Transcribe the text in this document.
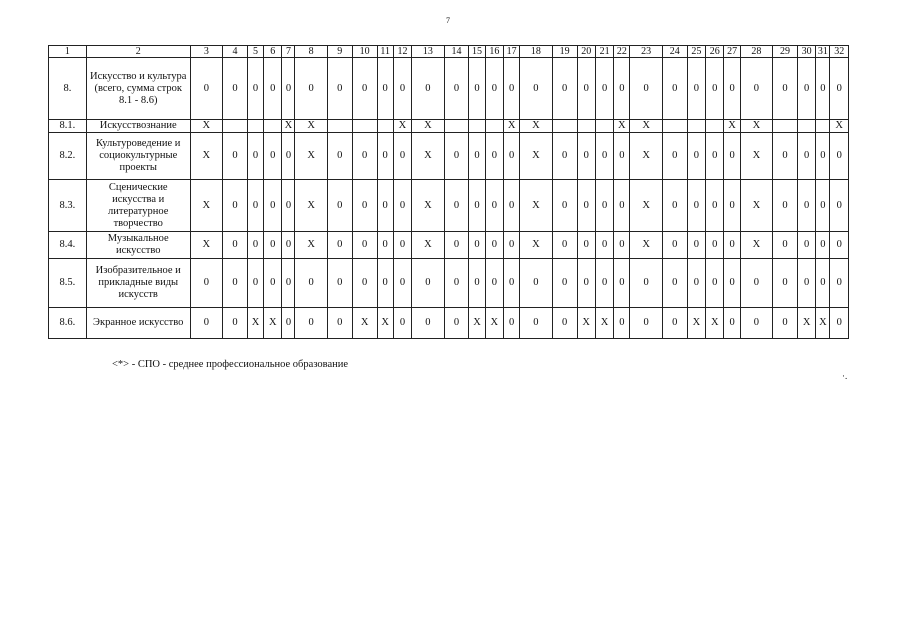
7
1	2	3	4	5	6	7	8	9	10	11	12	13	14	15	16	17	18	19	20	21	22	23	24	25	26	27	28	29	30	31	32
8.	Искусство и культура (всего, сумма строк 8.1 - 8.6)	0	0	0	0	0	0	0	0	0	0	0	0	0	0	0	0	0	0	0	0	0	0	0	0	0	0	0	0	0	0
8.1.	Искусствознание	Х				Х	Х				Х	Х				Х	Х				Х	Х				Х	Х				Х
8.2.	Культуроведение и социокультурные проекты	Х	0	0	0	0	Х	0	0	0	0	Х	0	0	0	0	Х	0	0	0	0	Х	0	0	0	0	Х	0	0	0	0
8.3.	Сценические искусства и литературное творчество	Х	0	0	0	0	Х	0	0	0	0	Х	0	0	0	0	Х	0	0	0	0	Х	0	0	0	0	Х	0	0	0	0
8.4.	Музыкальное искусство	Х	0	0	0	0	Х	0	0	0	0	Х	0	0	0	0	Х	0	0	0	0	Х	0	0	0	0	Х	0	0	0	0
8.5.	Изобразительное и прикладные виды искусств	0	0	0	0	0	0	0	0	0	0	0	0	0	0	0	0	0	0	0	0	0	0	0	0	0	0	0	0	0	0
8.6.	Экранное искусство	0	0	Х	Х	0	0	0	Х	Х	0	0	0	Х	Х	0	0	0	Х	Х	0	0	0	Х	Х	0	0	0	Х	Х	0
<*> - СПО - среднее профессиональное образование
·.
